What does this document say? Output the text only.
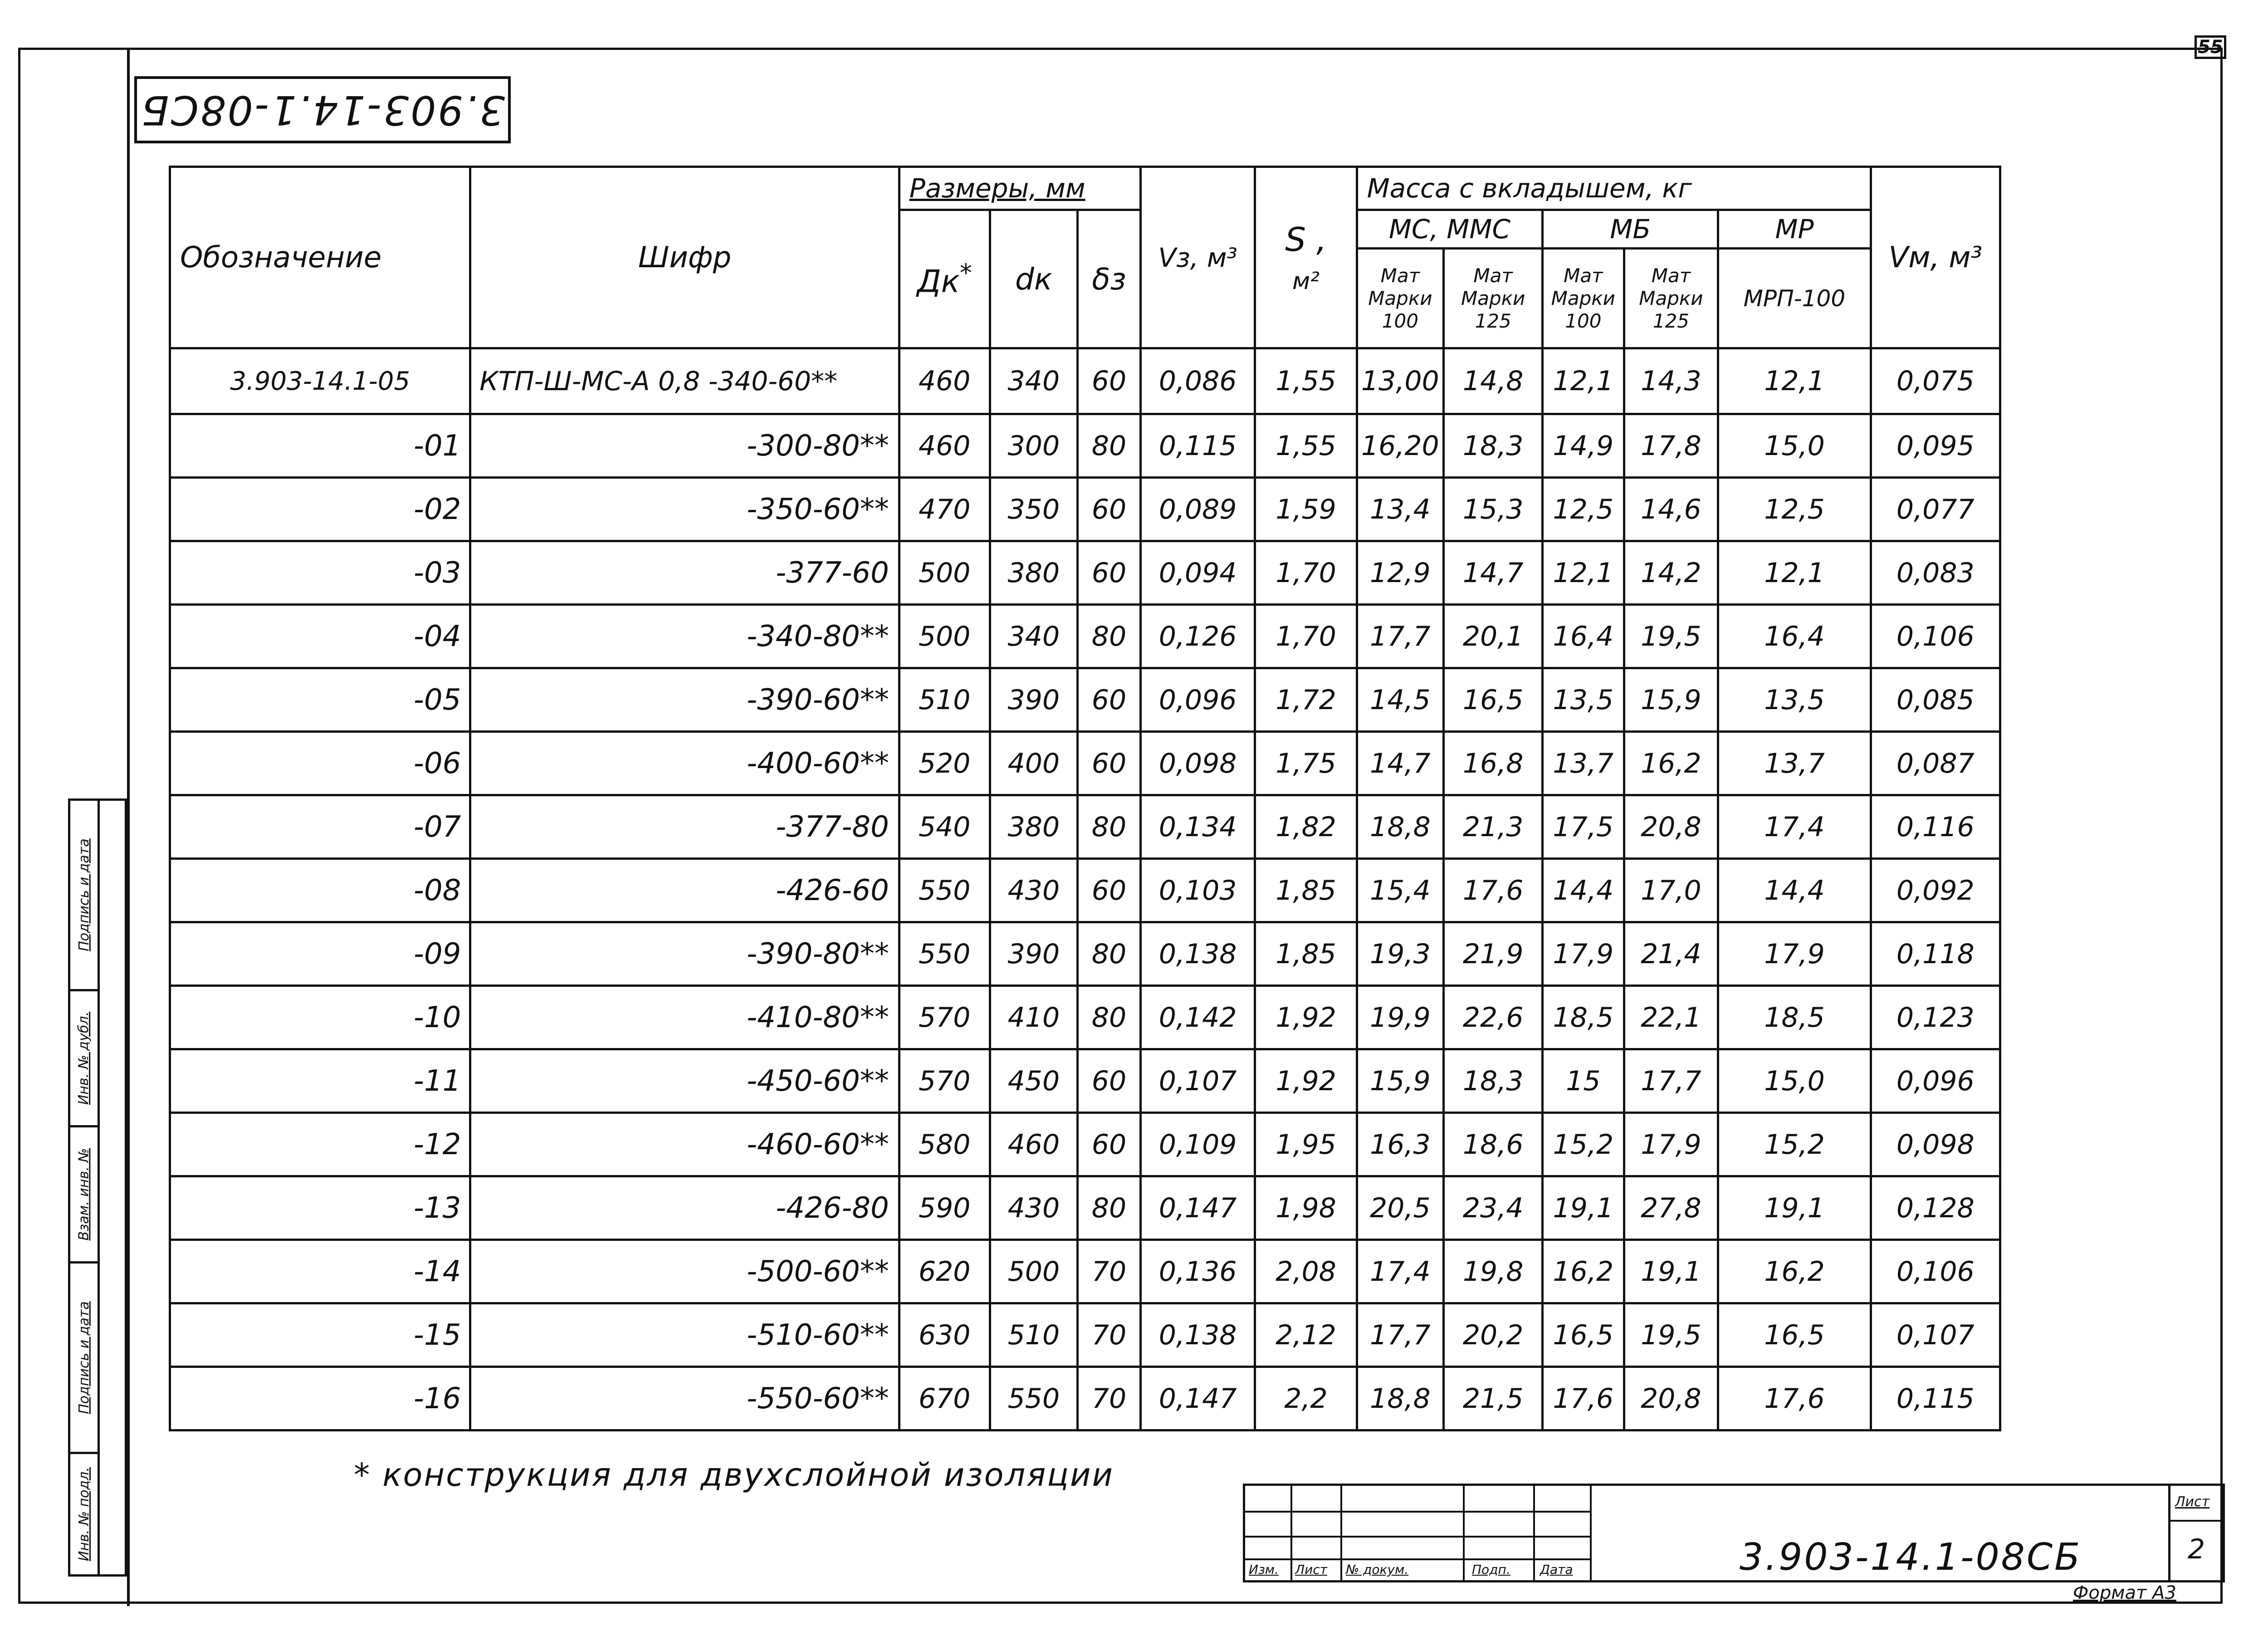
55
3.903-14.1-08СБ
Обозначение	Шифр	Размеры, мм			Vз, м³	S ,
м²	Масса с вкладышем, кг					Vм, м³
		Дк*	dк	δз			МС, ММС		МБ		МР	
							Мат Марки 100	Мат Марки 125	Мат Марки 100	Мат Марки 125	МРП-100	

3.903-14.1-05	КТП-Ш-МС-А 0,8 -340-60**	460	340	60	0,086	1,55	13,00	14,8	12,1	14,3	12,1	0,075
-01	-300-80**	460	300	80	0,115	1,55	16,20	18,3	14,9	17,8	15,0	0,095
-02	-350-60**	470	350	60	0,089	1,59	13,4	15,3	12,5	14,6	12,5	0,077
-03	-377-60	500	380	60	0,094	1,70	12,9	14,7	12,1	14,2	12,1	0,083
-04	-340-80**	500	340	80	0,126	1,70	17,7	20,1	16,4	19,5	16,4	0,106
-05	-390-60**	510	390	60	0,096	1,72	14,5	16,5	13,5	15,9	13,5	0,085
-06	-400-60**	520	400	60	0,098	1,75	14,7	16,8	13,7	16,2	13,7	0,087
-07	-377-80	540	380	80	0,134	1,82	18,8	21,3	17,5	20,8	17,4	0,116
-08	-426-60	550	430	60	0,103	1,85	15,4	17,6	14,4	17,0	14,4	0,092
-09	-390-80**	550	390	80	0,138	1,85	19,3	21,9	17,9	21,4	17,9	0,118
-10	-410-80**	570	410	80	0,142	1,92	19,9	22,6	18,5	22,1	18,5	0,123
-11	-450-60**	570	450	60	0,107	1,92	15,9	18,3	15	17,7	15,0	0,096
-12	-460-60**	580	460	60	0,109	1,95	16,3	18,6	15,2	17,9	15,2	0,098
-13	-426-80	590	430	80	0,147	1,98	20,5	23,4	19,1	27,8	19,1	0,128
-14	-500-60**	620	500	70	0,136	2,08	17,4	19,8	16,2	19,1	16,2	0,106
-15	-510-60**	630	510	70	0,138	2,12	17,7	20,2	16,5	19,5	16,5	0,107
-16	-550-60**	670	550	70	0,147	2,2	18,8	21,5	17,6	20,8	17,6	0,115
* конструкция для двухслойной изоляции
Подпись и дата
Инв. № дубл.
Взам. инв. №
Подпись и дата
Инв. № подл.
Изм. Лист № докум.	Подп. Дата	3.903-14.1-08СБ
Лист
2
Формат А3
